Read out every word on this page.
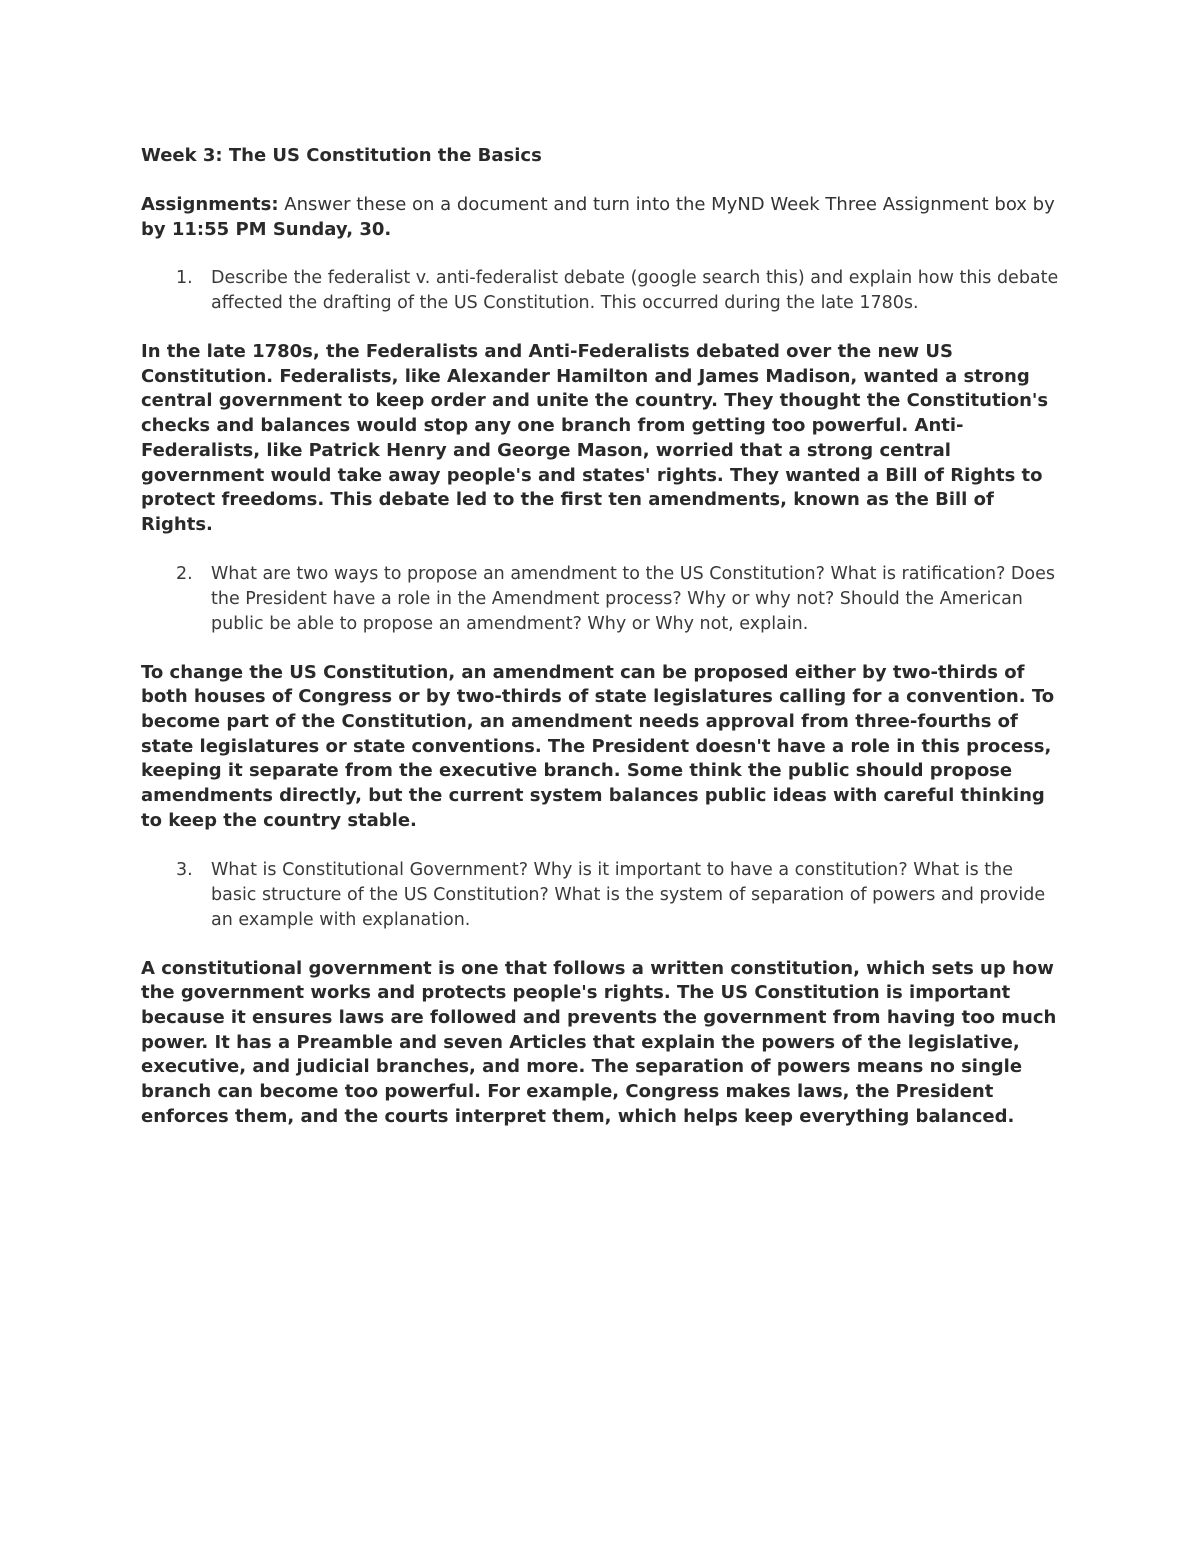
Week 3: The US Constitution the Basics

Assignments: Answer these on a document and turn into the MyND Week Three Assignment box by
by 11:55 PM Sunday, 30.

1. Describe the federalist v. anti-federalist debate (google search this) and explain how this debate affected the drafting of the US Constitution. This occurred during the late 1780s.

In the late 1780s, the Federalists and Anti-Federalists debated over the new US Constitution. Federalists, like Alexander Hamilton and James Madison, wanted a strong central government to keep order and unite the country. They thought the Constitution's checks and balances would stop any one branch from getting too powerful. Anti-Federalists, like Patrick Henry and George Mason, worried that a strong central government would take away people's and states' rights. They wanted a Bill of Rights to protect freedoms. This debate led to the first ten amendments, known as the Bill of Rights.

2. What are two ways to propose an amendment to the US Constitution? What is ratification? Does the President have a role in the Amendment process? Why or why not? Should the American public be able to propose an amendment? Why or Why not, explain.

To change the US Constitution, an amendment can be proposed either by two-thirds of both houses of Congress or by two-thirds of state legislatures calling for a convention. To become part of the Constitution, an amendment needs approval from three-fourths of state legislatures or state conventions. The President doesn't have a role in this process, keeping it separate from the executive branch. Some think the public should propose amendments directly, but the current system balances public ideas with careful thinking to keep the country stable.

3. What is Constitutional Government? Why is it important to have a constitution? What is the basic structure of the US Constitution? What is the system of separation of powers and provide an example with explanation.

A constitutional government is one that follows a written constitution, which sets up how the government works and protects people's rights. The US Constitution is important because it ensures laws are followed and prevents the government from having too much power. It has a Preamble and seven Articles that explain the powers of the legislative, executive, and judicial branches, and more. The separation of powers means no single branch can become too powerful. For example, Congress makes laws, the President enforces them, and the courts interpret them, which helps keep everything balanced.
